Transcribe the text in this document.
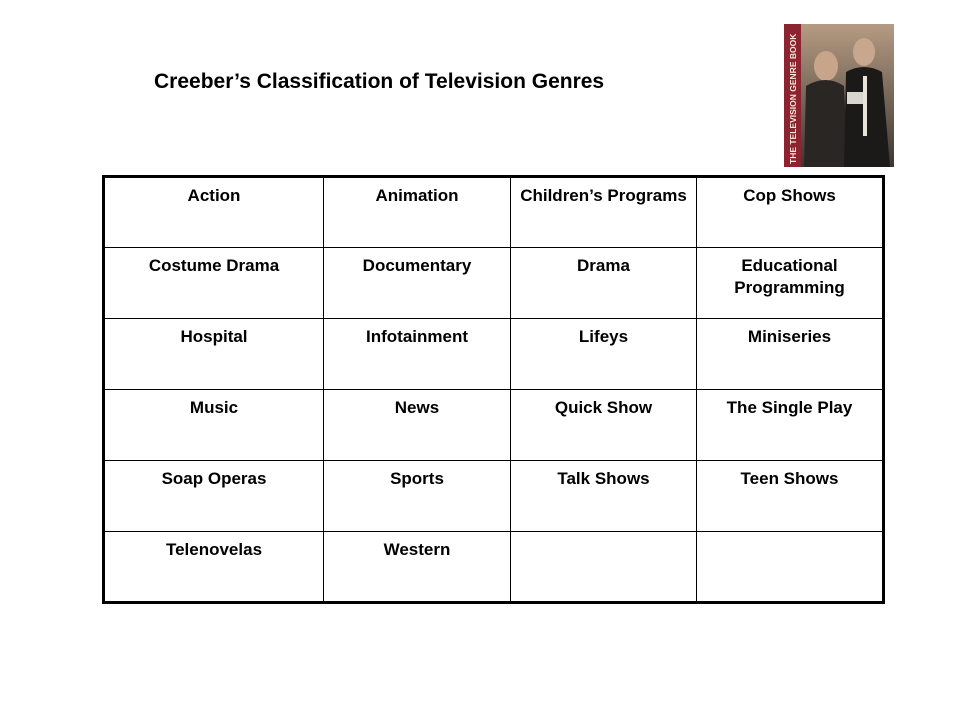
Creeber’s Classification of Television Genres	THE TELEVISION GENRE BOOK
Action	Animation	Children’s Programs	Cop Shows
Costume Drama	Documentary	Drama	Educational Programming
Hospital	Infotainment	Lifeys	Miniseries
Music	News	Quick Show	The Single Play
Soap Operas	Sports	Talk Shows	Teen Shows
Telenovelas	Western		
